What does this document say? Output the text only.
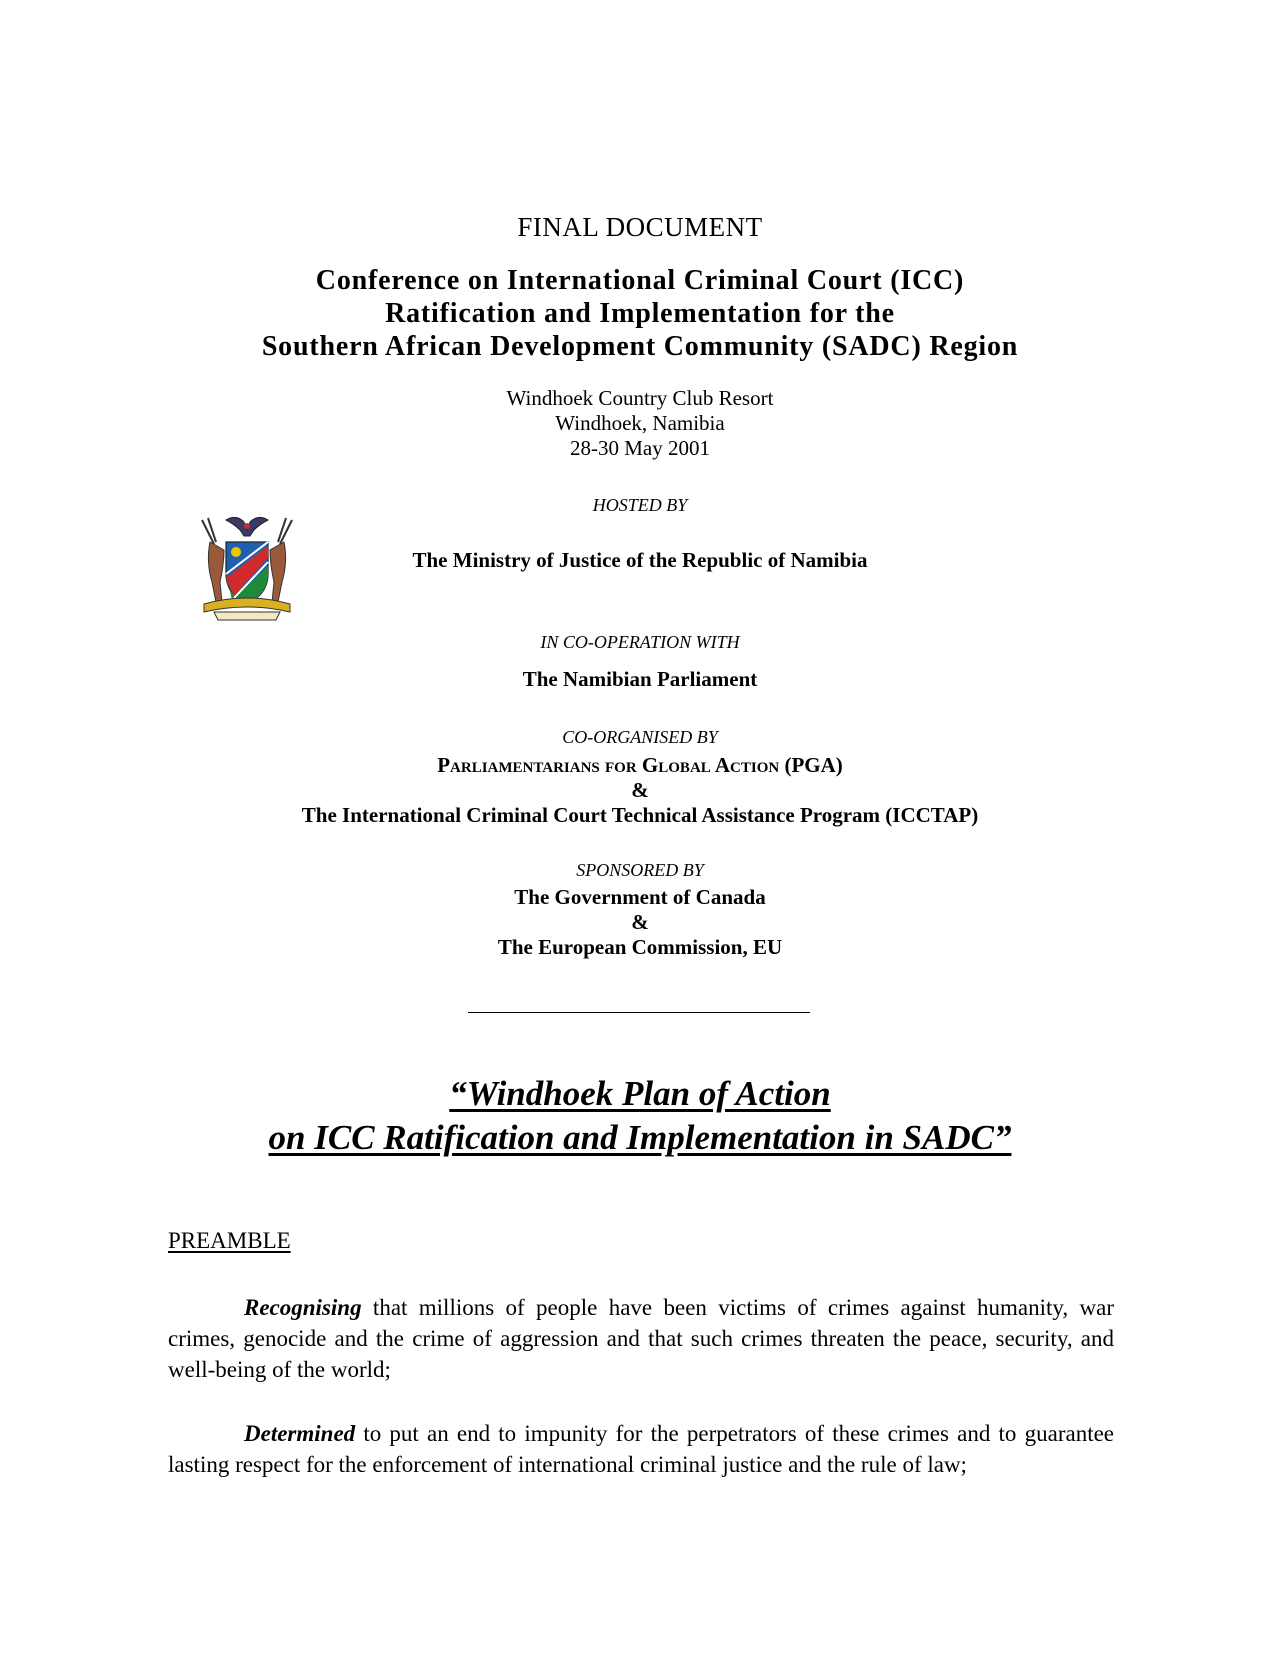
FINAL DOCUMENT

Conference on International Criminal Court (ICC)
Ratification and Implementation for the
Southern African Development Community (SADC) Region
Windhoek Country Club Resort
Windhoek, Namibia
28-30 May 2001

HOSTED BY

The Ministry of Justice of the Republic of Namibia

IN CO-OPERATION WITH

The Namibian Parliament

CO-ORGANISED BY

Parliamentarians for Global Action (PGA)
&
The International Criminal Court Technical Assistance Program (ICCTAP)

SPONSORED BY

The Government of Canada
&
The European Commission, EU
“Windhoek Plan of Action
on ICC Ratification and Implementation in SADC”

PREAMBLE

Recognising that millions of people have been victims of crimes against humanity, war crimes, genocide and the crime of aggression and that such crimes threaten the peace, security, and well-being of the world;

Determined to put an end to impunity for the perpetrators of these crimes and to guarantee lasting respect for the enforcement of international criminal justice and the rule of law;
